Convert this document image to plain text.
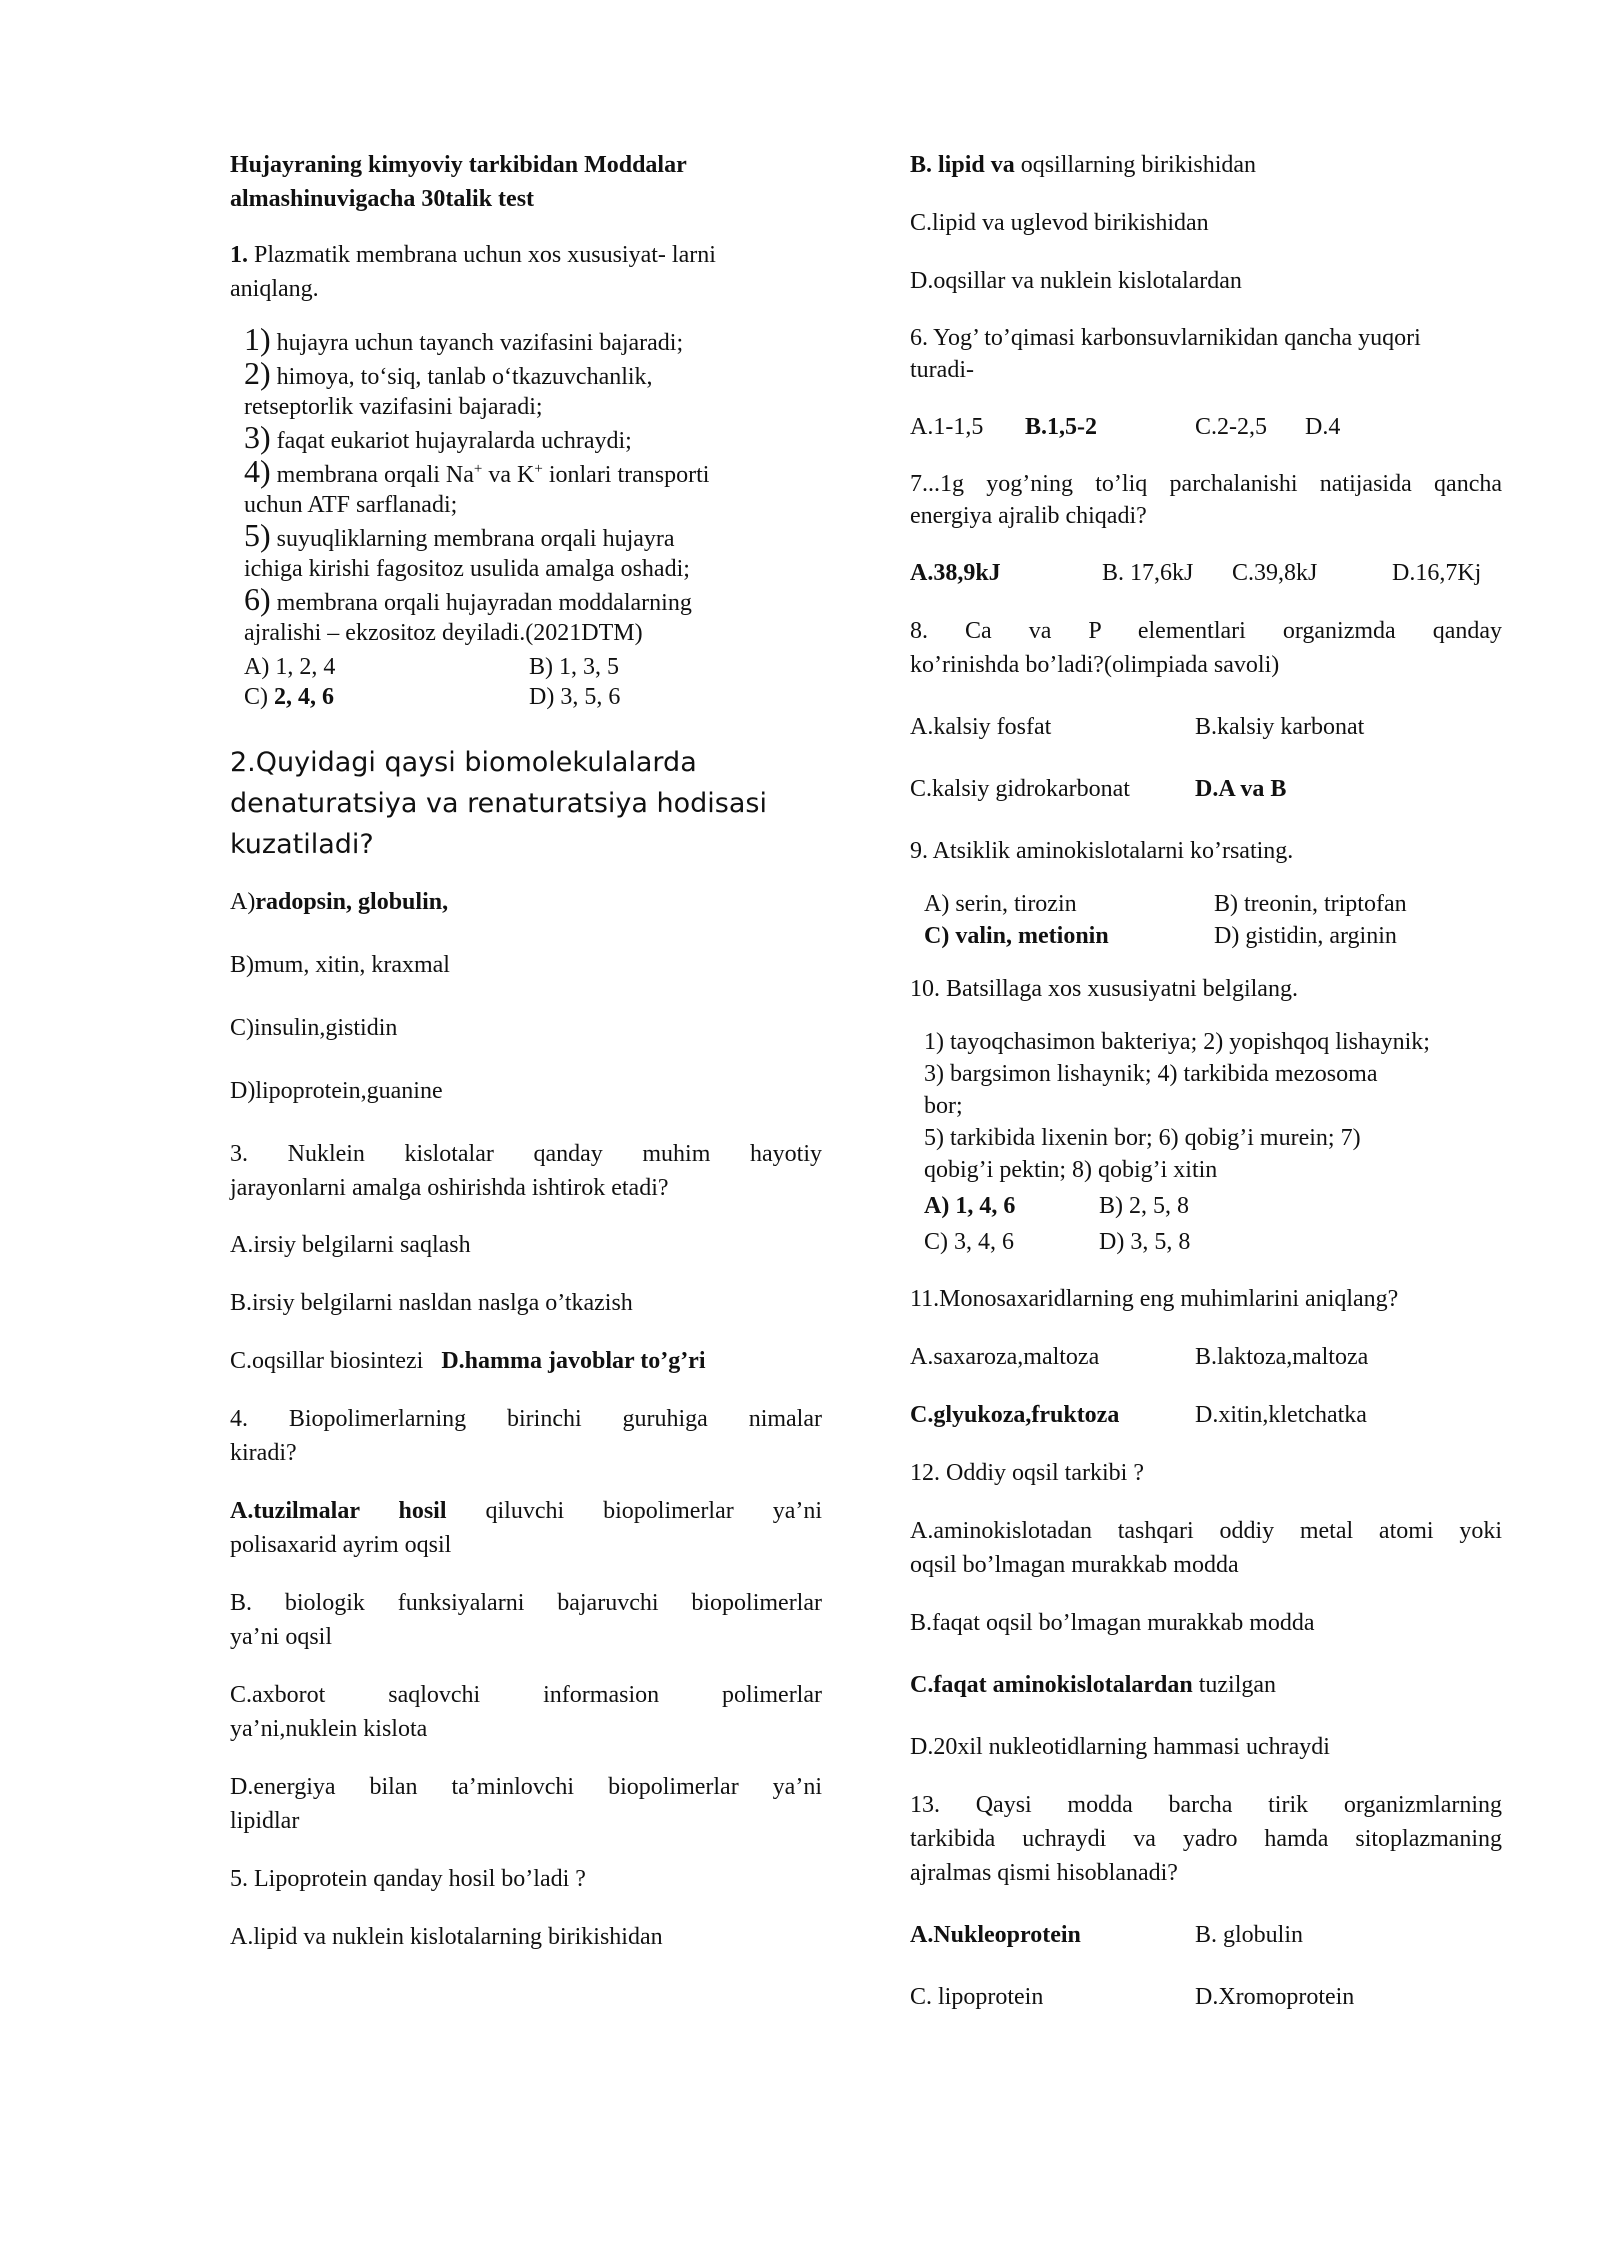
Hujayraning kimyoviy tarkibidan Moddalar

almashinuvigacha 30talik test

1. Plazmatik membrana uchun xos xususiyat- larni

aniqlang.

1) hujayra uchun tayanch vazifasini bajaradi;

2) himoya, to‘siq, tanlab o‘tkazuvchanlik,

retseptorlik vazifasini bajaradi;

3) faqat eukariot hujayralarda uchraydi;

4) membrana orqali Na+ va K+ ionlari transporti

uchun ATF sarflanadi;

5) suyuqliklarning membrana orqali hujayra

ichiga kirishi fagositoz usulida amalga oshadi;

6) membrana orqali hujayradan moddalarning

ajralishi – ekzositoz deyiladi.(2021DTM)

A) 1, 2, 4	B) 1, 3, 5
C) 2, 4, 6	D) 3, 5, 6

2.Quyidagi qaysi biomolekulalarda

denaturatsiya va renaturatsiya hodisasi

kuzatiladi?

A)radopsin, globulin,

B)mum, xitin, kraxmal

C)insulin,gistidin

D)lipoprotein,guanine

3. Nuklein kislotalar qanday muhim hayotiy

jarayonlarni amalga oshirishda ishtirok etadi?

A.irsiy belgilarni saqlash

B.irsiy belgilarni nasldan naslga o’tkazish

C.oqsillar biosintezi D.hamma javoblar to’g’ri

4. Biopolimerlarning birinchi guruhiga nimalar

kiradi?

A.tuzilmalar hosil qiluvchi biopolimerlar ya’ni

polisaxarid ayrim oqsil

B. biologik funksiyalarni bajaruvchi biopolimerlar

ya’ni oqsil

C.axborot saqlovchi informasion polimerlar

ya’ni,nuklein kislota

D.energiya bilan ta’minlovchi biopolimerlar ya’ni

lipidlar

5. Lipoprotein qanday hosil bo’ladi ?

A.lipid va nuklein kislotalarning birikishidan

B. lipid va oqsillarning birikishidan

C.lipid va uglevod birikishidan

D.oqsillar va nuklein kislotalardan

6. Yog’ to’qimasi karbonsuvlarnikidan qancha yuqori

turadi-

A.1-1,5	B.1,5-2	C.2-2,5	D.4

7...1g yog’ning to’liq parchalanishi natijasida qancha

energiya ajralib chiqadi?

A.38,9kJ	B. 17,6kJ	C.39,8kJ	D.16,7Kj

8. Ca va P elementlari organizmda qanday

ko’rinishda bo’ladi?(olimpiada savoli)

A.kalsiy fosfat	B.kalsiy karbonat
C.kalsiy gidrokarbonat	D.A va B

9. Atsiklik aminokislotalarni ko’rsating.

A) serin, tirozin	B) treonin, triptofan
C) valin, metionin	D) gistidin, arginin

10. Batsillaga xos xususiyatni belgilang.

1) tayoqchasimon bakteriya; 2) yopishqoq lishaynik;

3) bargsimon lishaynik; 4) tarkibida mezosoma

bor;

5) tarkibida lixenin bor; 6) qobig’i murein; 7)

qobig’i pektin; 8) qobig’i xitin

A) 1, 4, 6	B) 2, 5, 8
C) 3, 4, 6	D) 3, 5, 8

11.Monosaxaridlarning eng muhimlarini aniqlang?

A.saxaroza,maltoza	B.laktoza,maltoza
C.glyukoza,fruktoza	D.xitin,kletchatka

12. Oddiy oqsil tarkibi ?

A.aminokislotadan tashqari oddiy metal atomi yoki

oqsil bo’lmagan murakkab modda

B.faqat oqsil bo’lmagan murakkab modda

C.faqat aminokislotalardan tuzilgan

D.20xil nukleotidlarning hammasi uchraydi

13. Qaysi modda barcha tirik organizmlarning

tarkibida uchraydi va yadro hamda sitoplazmaning

ajralmas qismi hisoblanadi?

A.Nukleoprotein	B. globulin
C. lipoprotein	D.Xromoprotein
